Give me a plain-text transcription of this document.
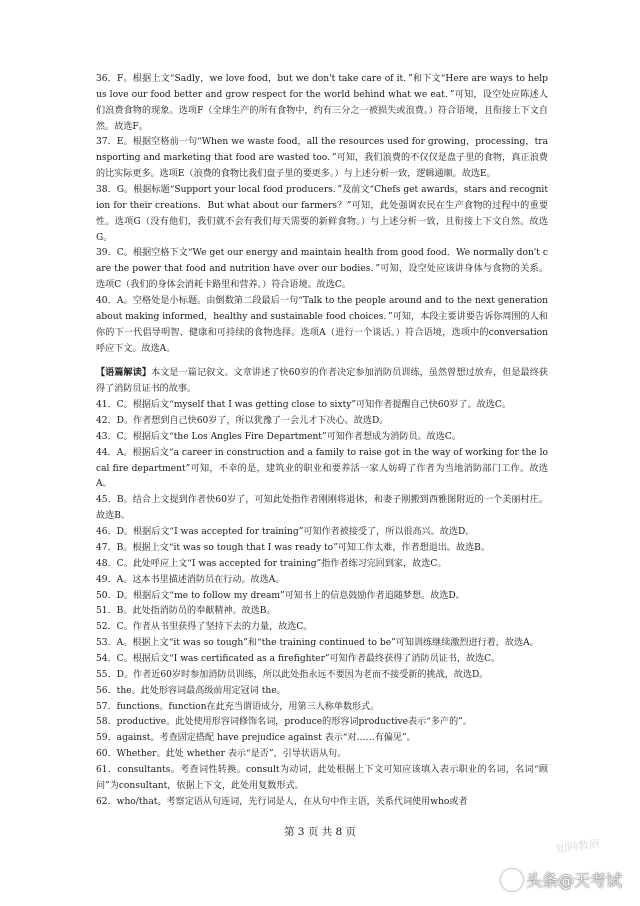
36．F。根据上文“Sadly，we love food，but we don't take care of it．”和下文“Here are ways to help us love our food better and grow respect for the world behind what we eat．”可知，设空处应陈述人们浪费食物的现象。选项F（全球生产的所有食物中，约有三分之一被损失或浪费。）符合语境，且衔接上下文自然。故选F。

37．E。根据空格前一句“When we waste food，all the resources used for growing，processing，transporting and marketing that food are wasted too．”可知，我们浪费的不仅仅是盘子里的食物，真正浪费的比实际更多。选项E（浪费的食物比我们盘子里的要更多。）与上述分析一致，逻辑通顺。故选E。

38．G。根据标题“Support your local food producers．”及前文“Chefs get awards，stars and recognition for their creations．But what about our farmers？”可知，此处强调农民在生产食物的过程中的重要性。选项G（没有他们，我们就不会有我们每天需要的新鲜食物。）与上述分析一致，且衔接上下文自然。故选G。

39．C。根据空格下文“We get our energy and maintain health from good food．We normally don't care the power that food and nutrition have over our bodies．”可知，设空处应该讲身体与食物的关系。选项C（我们的身体会消耗卡路里和营养。）符合语境。故选C。

40．A。空格处是小标题。由倒数第二段最后一句“Talk to the people around and to the next generation about making informed，healthy and sustainable food choices．”可知，本段主要讲要告诉你周围的人和你的下一代倡导明智、健康和可持续的食物选择。选项A（进行一个谈话。）符合语境，选项中的conversation呼应下文。故选A。

【语篇解读】本文是一篇记叙文。文章讲述了快60岁的作者决定参加消防员训练，虽然曾想过放弃，但是最终获得了消防员证书的故事。

41．C。根据后文“myself that I was getting close to sixty”可知作者提醒自己快60岁了。故选C。

42．D。作者想到自己快60岁了，所以犹豫了一会儿才下决心。故选D。

43．C。根据后文“the Los Angles Fire Department”可知作者想成为消防员。故选C。

44．A。根据后文“a career in construction and a family to raise got in the way of working for the local fire department”可知，不幸的是，建筑业的职业和要养活一家人妨碍了作者为当地消防部门工作。故选A。

45．B。结合上文提到作者快60岁了，可知此处指作者刚刚将退休，和妻子刚搬到西雅图附近的一个美丽村庄。故选B。

46．D。根据后文“I was accepted for training”可知作者被接受了，所以很高兴。故选D。

47．B。根据上文“it was so tough that I was ready to”可知工作太难，作者想退出。故选B。

48．C。此处呼应上文“I was accepted for training”指作者练习完回到家，故选C。

49．A。这本书里描述消防员在行动。故选A。

50．D。根据后文“me to follow my dream”可知书上的信息鼓励作者追随梦想。故选D。

51．B。此处指消防员的奉献精神。故选B。

52．C。作者从书里获得了坚持下去的力量，故选C。

53．A。根据上文“it was so tough”和“the training continued to be”可知训练继续激烈进行着，故选A。

54．C。根据后文“I was certificated as a firefighter”可知作者最终获得了消防员证书，故选C。

55．D。作者近60岁时参加消防员训练，所以此处指永远不要因为老而不接受新的挑战，故选D。

56．the。此处形容词最高级前用定冠词 the。

57．functions。function在此充当谓语成分，用第三人称单数形式。

58．productive。此处使用形容词修饰名词，produce的形容词productive表示“多产的”。

59．against。考查固定搭配 have prejudice against 表示“对……有偏见”。

60．Whether。此处 whether 表示“是否”，引导状语从句。

61．consultants。考查词性转换。consult为动词，此处根据上下文可知应该填入表示职业的名词，名词“顾问”为consultant，依据上下文，此处用复数形式。

62．who/that。考察定语从句连词，先行词是人，在从句中作主语，关系代词使用who或者

知网教研
第 3 页 共 8 页
头条@天考试
